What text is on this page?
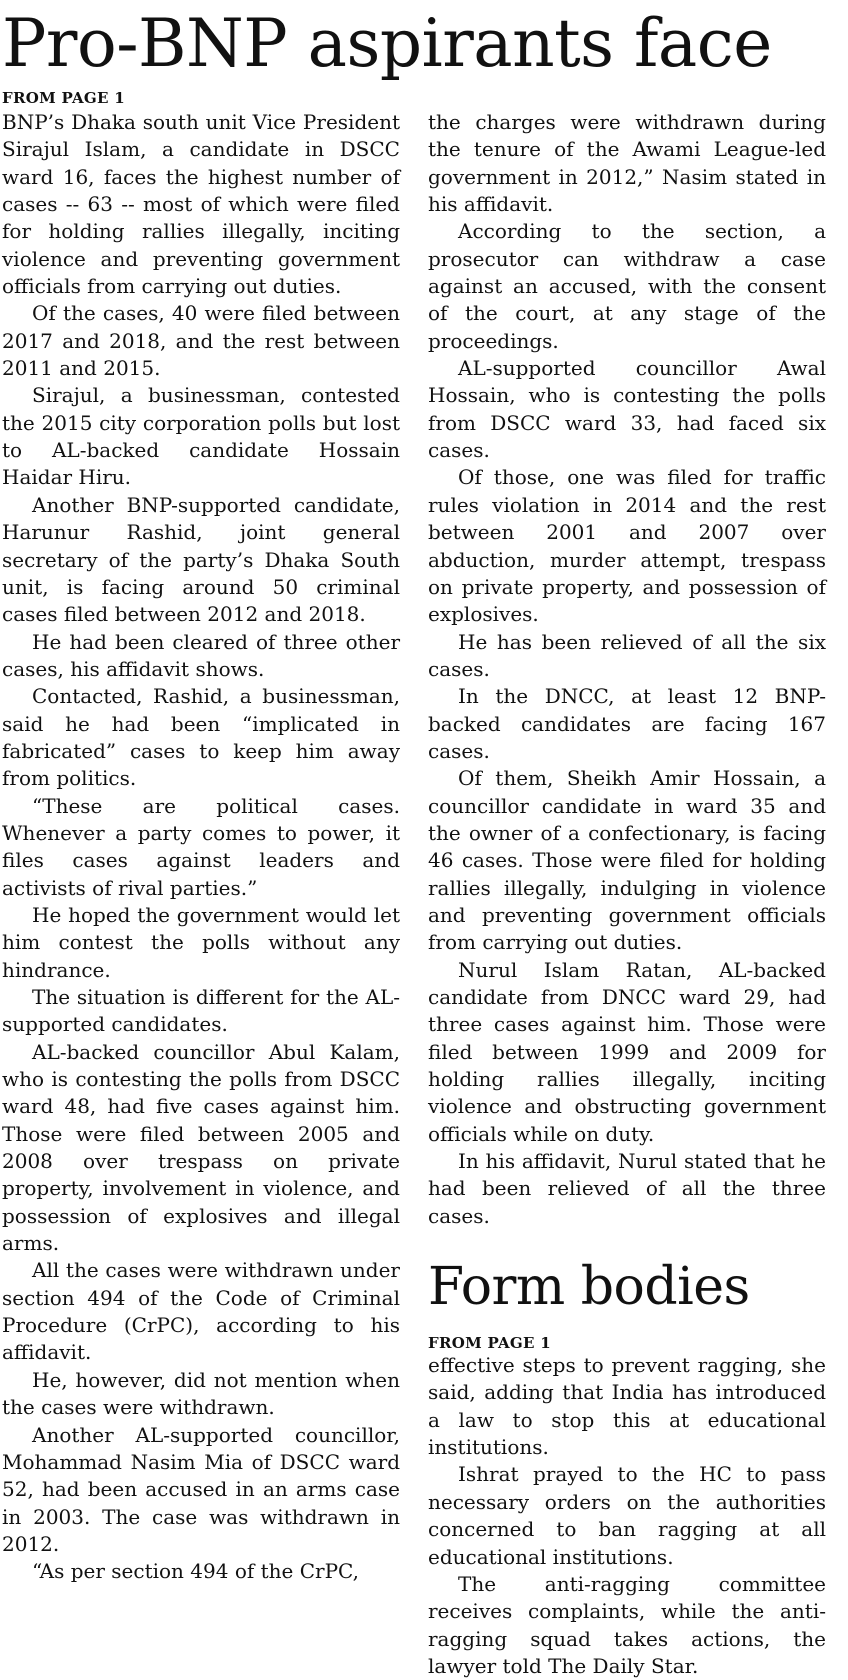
Pro-BNP aspirants face
FROM PAGE 1

BNP’s Dhaka south unit Vice President Sirajul Islam, a candidate in DSCC ward 16, faces the highest number of cases -- 63 -- most of which were filed for holding rallies illegally, inciting violence and preventing government officials from carrying out duties.

Of the cases, 40 were filed between 2017 and 2018, and the rest between 2011 and 2015.

Sirajul, a businessman, contested the 2015 city corporation polls but lost to AL-backed candidate Hossain Haidar Hiru.

Another BNP-supported candidate, Harunur Rashid, joint general secretary of the party’s Dhaka South unit, is facing around 50 criminal cases filed between 2012 and 2018.

He had been cleared of three other cases, his affidavit shows.

Contacted, Rashid, a businessman, said he had been “implicated in fabricated” cases to keep him away from politics.

“These are political cases. Whenever a party comes to power, it files cases against leaders and activists of rival parties.”

He hoped the government would let him contest the polls without any hindrance.

The situation is different for the AL-supported candidates.

AL-backed councillor Abul Kalam, who is contesting the polls from DSCC ward 48, had five cases against him. Those were filed between 2005 and 2008 over trespass on private property, involvement in violence, and possession of explosives and illegal arms.

All the cases were withdrawn under section 494 of the Code of Criminal Procedure (CrPC), according to his affidavit.

He, however, did not mention when the cases were withdrawn.

Another AL-supported councillor, Mohammad Nasim Mia of DSCC ward 52, had been accused in an arms case in 2003. The case was withdrawn in 2012.

“As per section 494 of the CrPC,

the charges were withdrawn during the tenure of the Awami League-led government in 2012,” Nasim stated in his affidavit.

According to the section, a prosecutor can withdraw a case against an accused, with the consent of the court, at any stage of the proceedings.

AL-supported councillor Awal Hossain, who is contesting the polls from DSCC ward 33, had faced six cases.

Of those, one was filed for traffic rules violation in 2014 and the rest between 2001 and 2007 over abduction, murder attempt, trespass on private property, and possession of explosives.

He has been relieved of all the six cases.

In the DNCC, at least 12 BNP-backed candidates are facing 167 cases.

Of them, Sheikh Amir Hossain, a councillor candidate in ward 35 and the owner of a confectionary, is facing 46 cases. Those were filed for holding rallies illegally, indulging in violence and preventing government officials from carrying out duties.

Nurul Islam Ratan, AL-backed candidate from DNCC ward 29, had three cases against him. Those were filed between 1999 and 2009 for holding rallies illegally, inciting violence and obstructing government officials while on duty.

In his affidavit, Nurul stated that he had been relieved of all the three cases.

Form bodies
FROM PAGE 1

effective steps to prevent ragging, she said, adding that India has introduced a law to stop this at educational institutions.

Ishrat prayed to the HC to pass necessary orders on the authorities concerned to ban ragging at all educational institutions.

The anti-ragging committee receives complaints, while the anti-ragging squad takes actions, the lawyer told The Daily Star.
